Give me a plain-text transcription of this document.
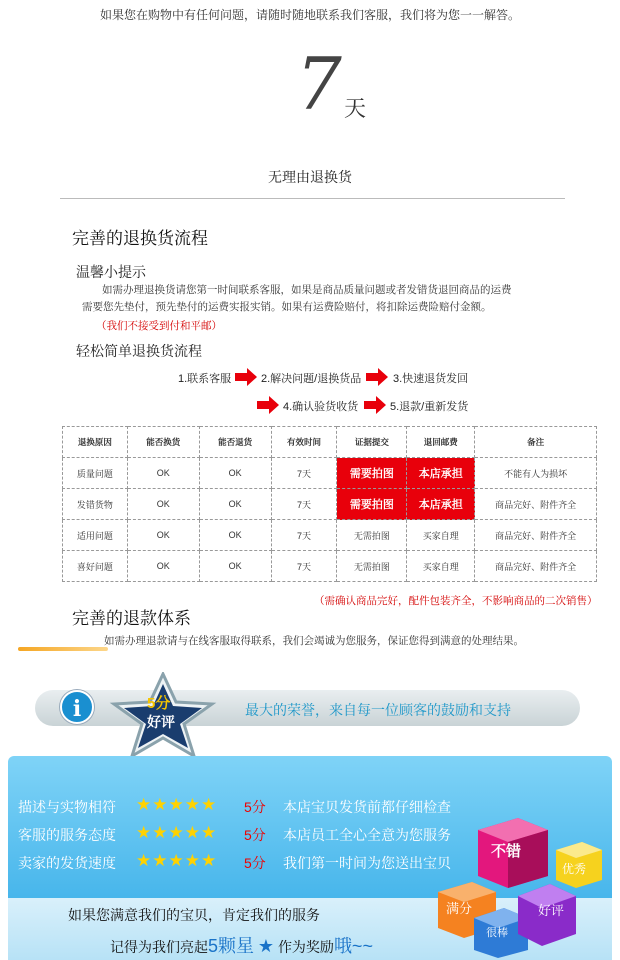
如果您在购物中有任何问题，请随时随地联系我们客服，我们将为您一一解答。
7 天
无理由退换货
完善的退换货流程
温馨小提示
如需办理退换货请您第一时间联系客服，如果是商品质量问题或者发错货退回商品的运费
需要您先垫付，预先垫付的运费实报实销。如果有运费险赔付，将扣除运费险赔付金额。
（我们不接受到付和平邮）
轻松简单退换货流程
1.联系客服	2.解决问题/退换货品	3.快速退货发回
4.确认验货收货	5.退款/重新发货
退换原因	能否换货	能否退货	有效时间	证据提交	退回邮费	备注
质量问题	OK	OK	7天	需要拍图	本店承担	不能有人为损坏
发错货物	OK	OK	7天	需要拍图	本店承担	商品完好、附件齐全
适用问题	OK	OK	7天	无需拍图	买家自理	商品完好、附件齐全
喜好问题	OK	OK	7天	无需拍图	买家自理	商品完好、附件齐全
（需确认商品完好，配件包装齐全，不影响商品的二次销售）
完善的退款体系
如需办理退款请与在线客服取得联系，我们会竭诚为您服务，保证您得到满意的处理结果。
i	5分
好评
最大的荣誉，来自每一位顾客的鼓励和支持
描述与实物相符 ★★★★★ 5分 本店宝贝发货前都仔细检查
客服的服务态度 ★★★★★ 5分 本店员工全心全意为您服务
卖家的发货速度 ★★★★★ 5分 我们第一时间为您送出宝贝
不错
满分
很棒
好评
优秀
如果您满意我们的宝贝，肯定我们的服务
记得为我们亮起5颗星 ★ 作为奖励哦~~
